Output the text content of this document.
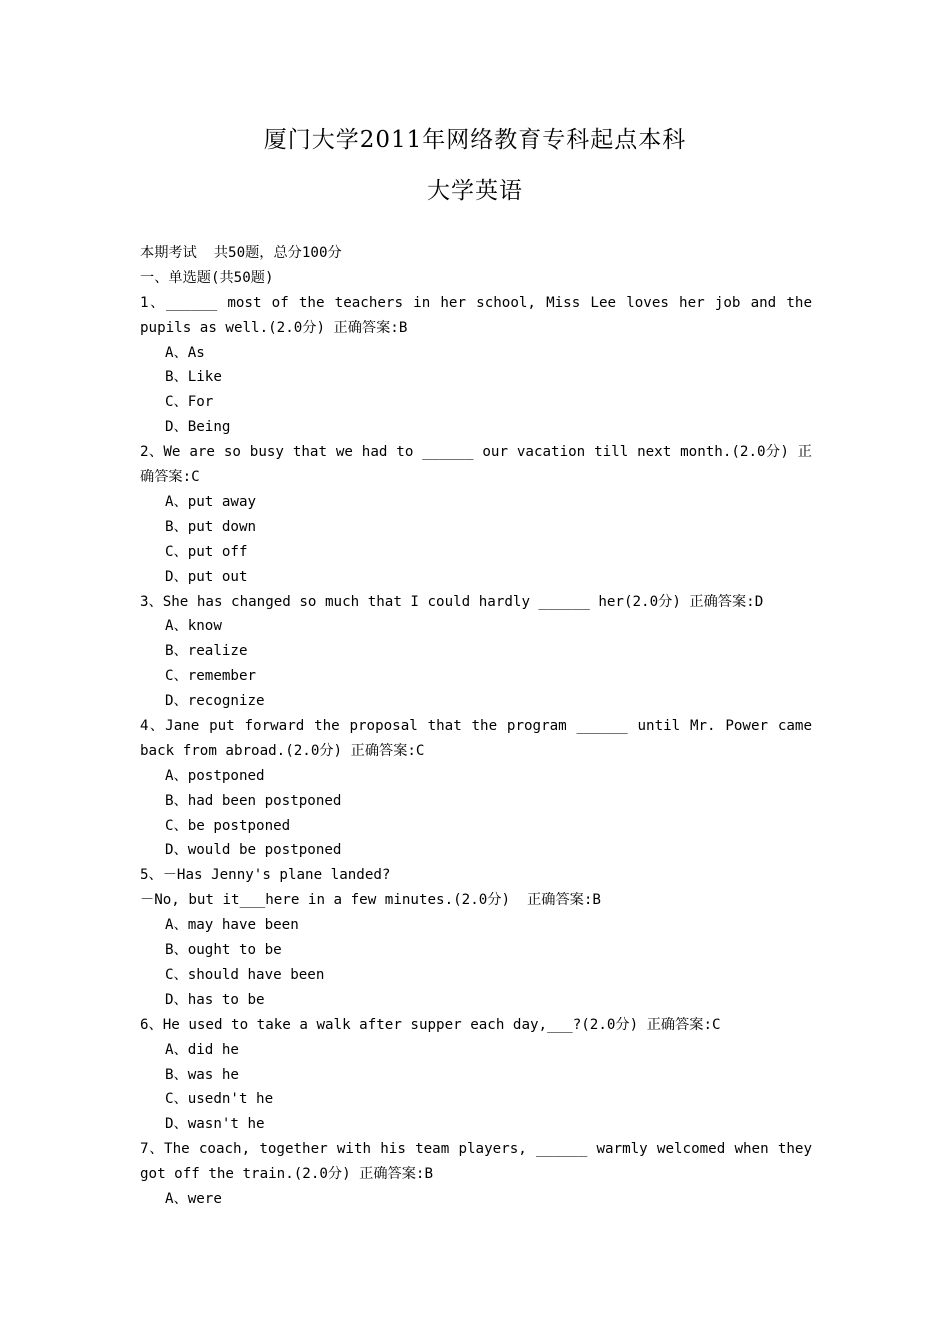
厦门大学2011年网络教育专科起点本科
大学英语
本期考试  共50题，总分100分
一、单选题(共50题)
1、______ most of the teachers in her school, Miss Lee loves her job and the pupils as well.(2.0分) 正确答案:B
A、As
B、Like
C、For
D、Being
2、We are so busy that we had to ______ our vacation till next month.(2.0分) 正确答案:C
A、put away
B、put down
C、put off
D、put out
3、She has changed so much that I could hardly ______ her(2.0分) 正确答案:D
A、know
B、realize
C、remember
D、recognize
4、Jane put forward the proposal that the program ______ until Mr. Power came back from abroad.(2.0分) 正确答案:C
A、postponed
B、had been postponed
C、be postponed
D、would be postponed
5、－Has Jenny's plane landed?
－No, but it___here in a few minutes.(2.0分)  正确答案:B
A、may have been
B、ought to be
C、should have been
D、has to be
6、He used to take a walk after supper each day,___?(2.0分) 正确答案:C
A、did he
B、was he
C、usedn't he
D、wasn't he
7、The coach, together with his team players, ______ warmly welcomed when they got off the train.(2.0分) 正确答案:B
A、were
